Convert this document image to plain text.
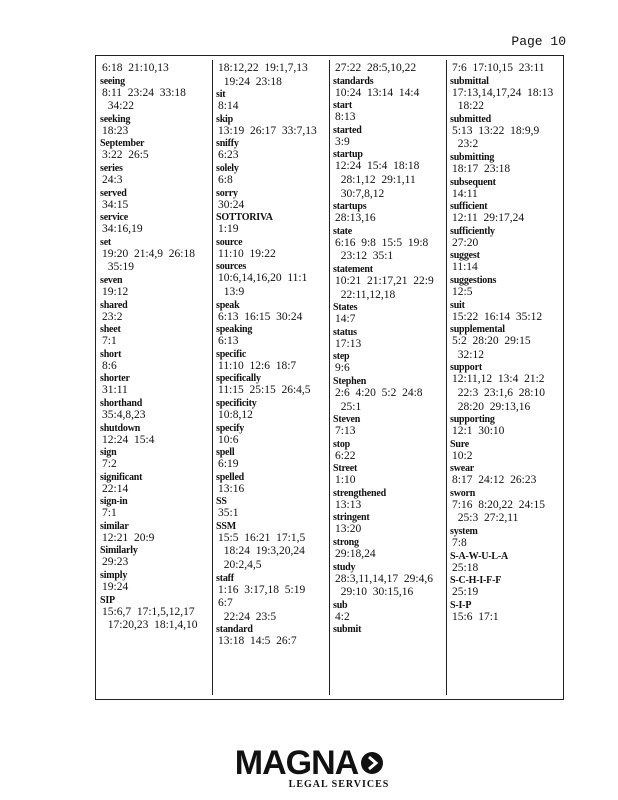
Page 10
6:18  21:10,13
seeing
8:11  23:24  33:18
34:22
seeking
18:23
September
3:22  26:5
series
24:3
served
34:15
service
34:16,19
set
19:20  21:4,9  26:18
35:19
seven
19:12
shared
23:2
sheet
7:1
short
8:6
shorter
31:11
shorthand
35:4,8,23
shutdown
12:24  15:4
sign
7:2
significant
22:14
sign-in
7:1
similar
12:21  20:9
Similarly
29:23
simply
19:24
SIP
15:6,7  17:1,5,12,17
17:20,23  18:1,4,10
18:12,22  19:1,7,13
19:24  23:18
sit
8:14
skip
13:19  26:17  33:7,13
sniffy
6:23
solely
6:8
sorry
30:24
SOTTORIVA
1:19
source
11:10  19:22
sources
10:6,14,16,20  11:1
13:9
speak
6:13  16:15  30:24
speaking
6:13
specific
11:10  12:6  18:7
specifically
11:15  25:15  26:4,5
specificity
10:8,12
specify
10:6
spell
6:19
spelled
13:16
SS
35:1
SSM
15:5  16:21  17:1,5
18:24  19:3,20,24
20:2,4,5
staff
1:16  3:17,18  5:19  6:7
22:24  23:5
standard
13:18  14:5  26:7
27:22  28:5,10,22
standards
10:24  13:14  14:4
start
8:13
started
3:9
startup
12:24  15:4  18:18
28:1,12  29:1,11
30:7,8,12
startups
28:13,16
state
6:16  9:8  15:5  19:8
23:12  35:1
statement
10:21  21:17,21  22:9
22:11,12,18
States
14:7
status
17:13
step
9:6
Stephen
2:6  4:20  5:2  24:8
25:1
Steven
7:13
stop
6:22
Street
1:10
strengthened
13:13
stringent
13:20
strong
29:18,24
study
28:3,11,14,17  29:4,6
29:10  30:15,16
sub
4:2
submit
7:6  17:10,15  23:11
submittal
17:13,14,17,24  18:13
18:22
submitted
5:13  13:22  18:9,9
23:2
submitting
18:17  23:18
subsequent
14:11
sufficient
12:11  29:17,24
sufficiently
27:20
suggest
11:14
suggestions
12:5
suit
15:22  16:14  35:12
supplemental
5:2  28:20  29:15
32:12
support
12:11,12  13:4  21:2
22:3  23:1,6  28:10
28:20  29:13,16
supporting
12:1  30:10
Sure
10:2
swear
8:17  24:12  26:23
sworn
7:16  8:20,22  24:15
25:3  27:2,11
system
7:8
S-A-W-U-L-A
25:18
S-C-H-I-F-F
25:19
S-I-P
15:6  17:1
MAGNA
LEGAL SERVICES
